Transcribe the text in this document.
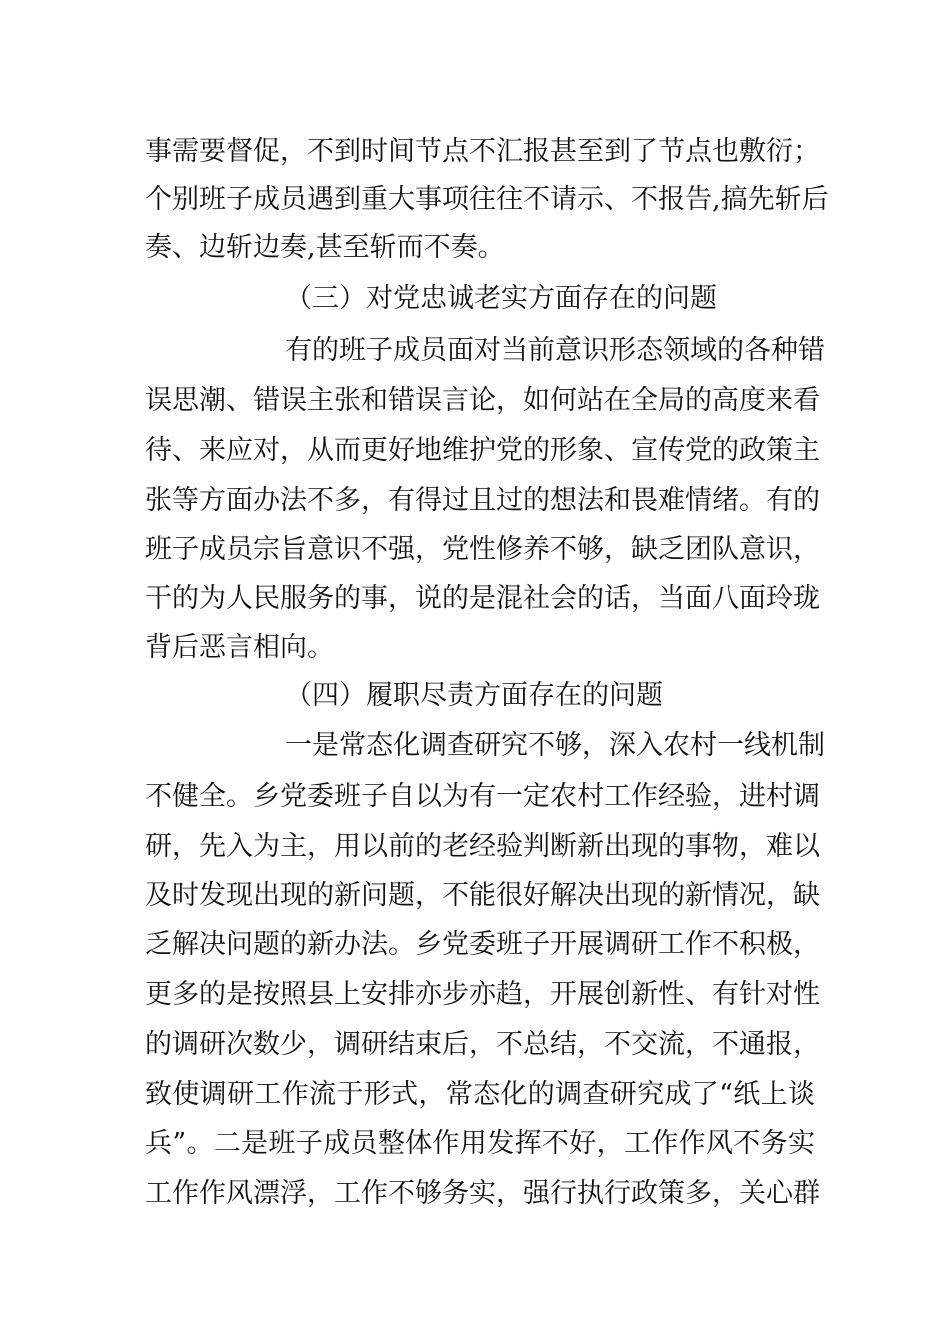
事需要督促，不到时间节点不汇报甚至到了节点也敷衍；
个别班子成员遇到重大事项往往不请示、不报告,搞先斩后
奏、边斩边奏,甚至斩而不奏。
（三）对党忠诚老实方面存在的问题
有的班子成员面对当前意识形态领域的各种错
误思潮、错误主张和错误言论，如何站在全局的高度来看
待、来应对，从而更好地维护党的形象、宣传党的政策主
张等方面办法不多，有得过且过的想法和畏难情绪。有的
班子成员宗旨意识不强，党性修养不够，缺乏团队意识，
干的为人民服务的事，说的是混社会的话，当面八面玲珑
背后恶言相向。
（四）履职尽责方面存在的问题
一是常态化调查研究不够，深入农村一线机制
不健全。乡党委班子自以为有一定农村工作经验，进村调
研，先入为主，用以前的老经验判断新出现的事物，难以
及时发现出现的新问题，不能很好解决出现的新情况，缺
乏解决问题的新办法。乡党委班子开展调研工作不积极，
更多的是按照县上安排亦步亦趋，开展创新性、有针对性
的调研次数少，调研结束后，不总结，不交流，不通报，
致使调研工作流于形式，常态化的调查研究成了“纸上谈
兵”。二是班子成员整体作用发挥不好，工作作风不务实
工作作风漂浮，工作不够务实，强行执行政策多，关心群
